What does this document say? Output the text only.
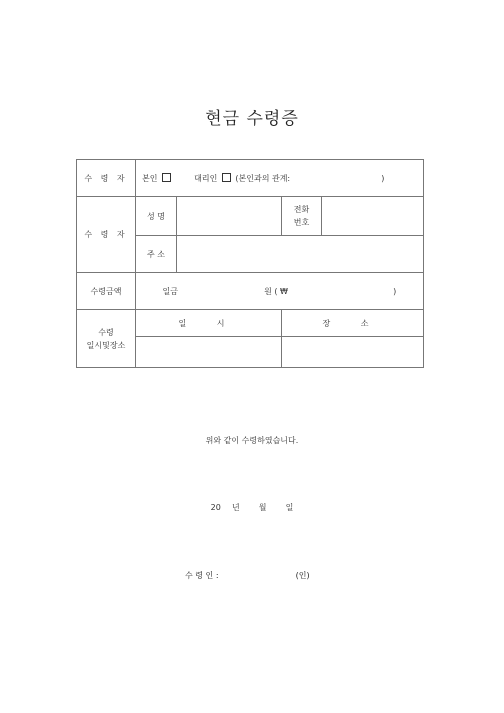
현금 수령증
수 령 자	본인 대리인 (본인과의 관계: )			
수 령 자	성 명		전화
번호	

	주 소			
수령금액	일금 원 ( ₩ )			

수령
일시및장소	일 시		장 소	

위와 같이 수령하였습니다.
20 년 월 일
수 령 인 :	(인)
